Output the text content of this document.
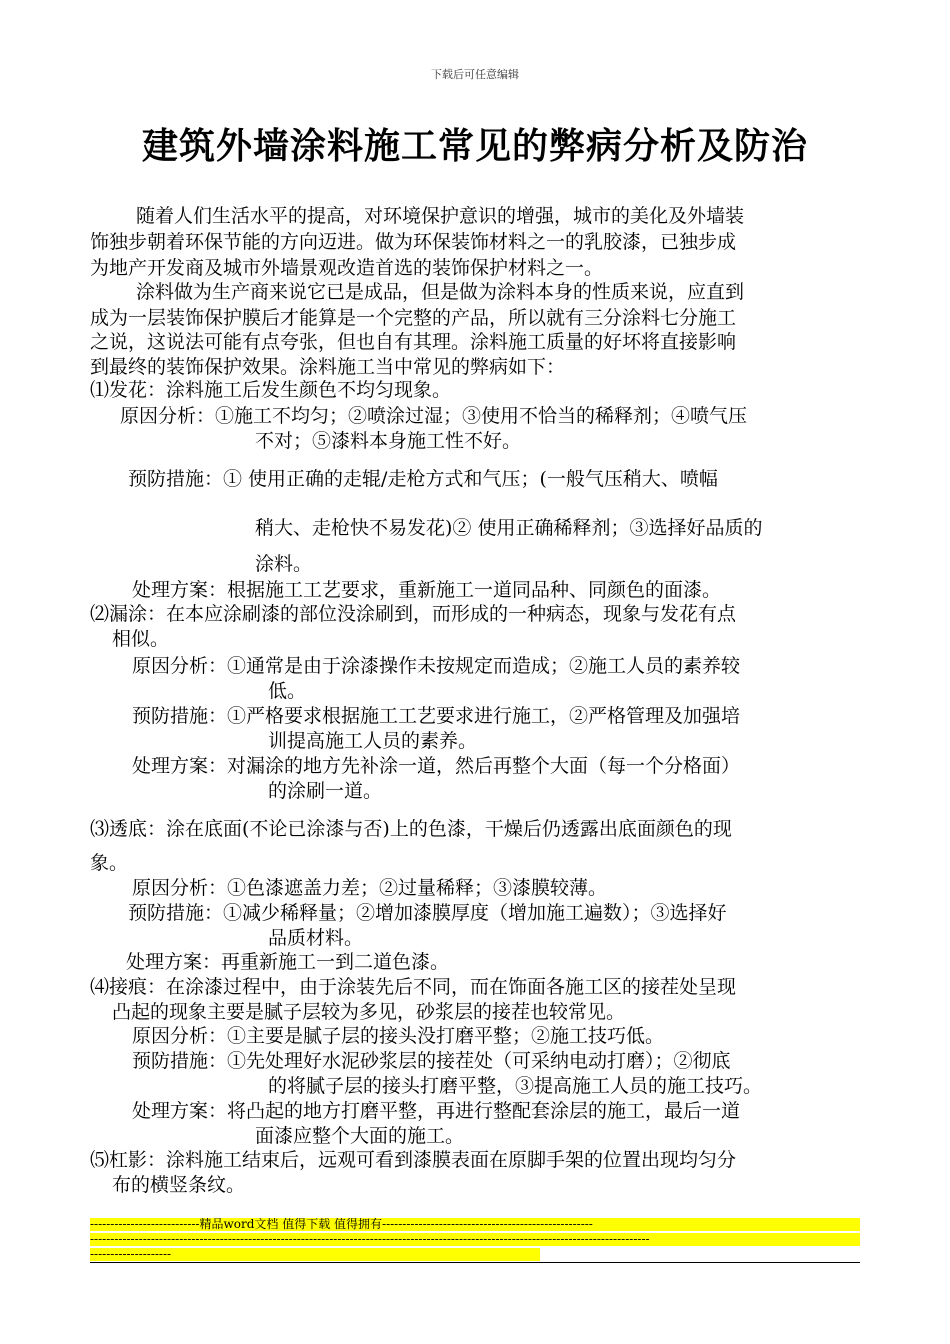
下载后可任意编辑
建筑外墙涂料施工常见的弊病分析及防治
随着人们生活水平的提高，对环境保护意识的增强，城市的美化及外墙装
饰独步朝着环保节能的方向迈进。做为环保装饰材料之一的乳胶漆，已独步成
为地产开发商及城市外墙景观改造首选的装饰保护材料之一。
涂料做为生产商来说它已是成品，但是做为涂料本身的性质来说，应直到
成为一层装饰保护膜后才能算是一个完整的产品，所以就有三分涂料七分施工
之说，这说法可能有点夸张，但也自有其理。涂料施工质量的好坏将直接影响
到最终的装饰保护效果。涂料施工当中常见的弊病如下：
⑴发花：涂料施工后发生颜色不均匀现象。
原因分析：①施工不均匀；②喷涂过湿；③使用不恰当的稀释剂；④喷气压
不对；⑤漆料本身施工性不好。
预防措施：① 使用正确的走辊/走枪方式和气压；(一般气压稍大、喷幅
稍大、走枪快不易发花)② 使用正确稀释剂；③选择好品质的
涂料。
处理方案：根据施工工艺要求，重新施工一道同品种、同颜色的面漆。
⑵漏涂：在本应涂刷漆的部位没涂刷到，而形成的一种病态，现象与发花有点
相似。
原因分析：①通常是由于涂漆操作未按规定而造成；②施工人员的素养较
低。
预防措施：①严格要求根据施工工艺要求进行施工，②严格管理及加强培
训提高施工人员的素养。
处理方案：对漏涂的地方先补涂一道，然后再整个大面（每一个分格面）
的涂刷一道。
⑶透底：涂在底面(不论已涂漆与否)上的色漆，干燥后仍透露出底面颜色的现
象。
原因分析：①色漆遮盖力差；②过量稀释；③漆膜较薄。
预防措施：①减少稀释量；②增加漆膜厚度（增加施工遍数）；③选择好
品质材料。
处理方案：再重新施工一到二道色漆。
⑷接痕：在涂漆过程中，由于涂装先后不同，而在饰面各施工区的接茬处呈现
凸起的现象主要是腻子层较为多见，砂浆层的接茬也较常见。
原因分析：①主要是腻子层的接头没打磨平整；②施工技巧低。
预防措施：①先处理好水泥砂浆层的接茬处（可采纳电动打磨）；②彻底
的将腻子层的接头打磨平整，③提高施工人员的施工技巧。
处理方案：将凸起的地方打磨平整，再进行整配套涂层的施工，最后一道
面漆应整个大面的施工。
⑸杠影：涂料施工结束后，远观可看到漆膜表面在原脚手架的位置出现均匀分
布的横竖条纹。
---------------------------精品word文档 值得下载 值得拥有----------------------------------------------------
------------------------------------------------------------------------------------------------------------------------------------------
--------------------
